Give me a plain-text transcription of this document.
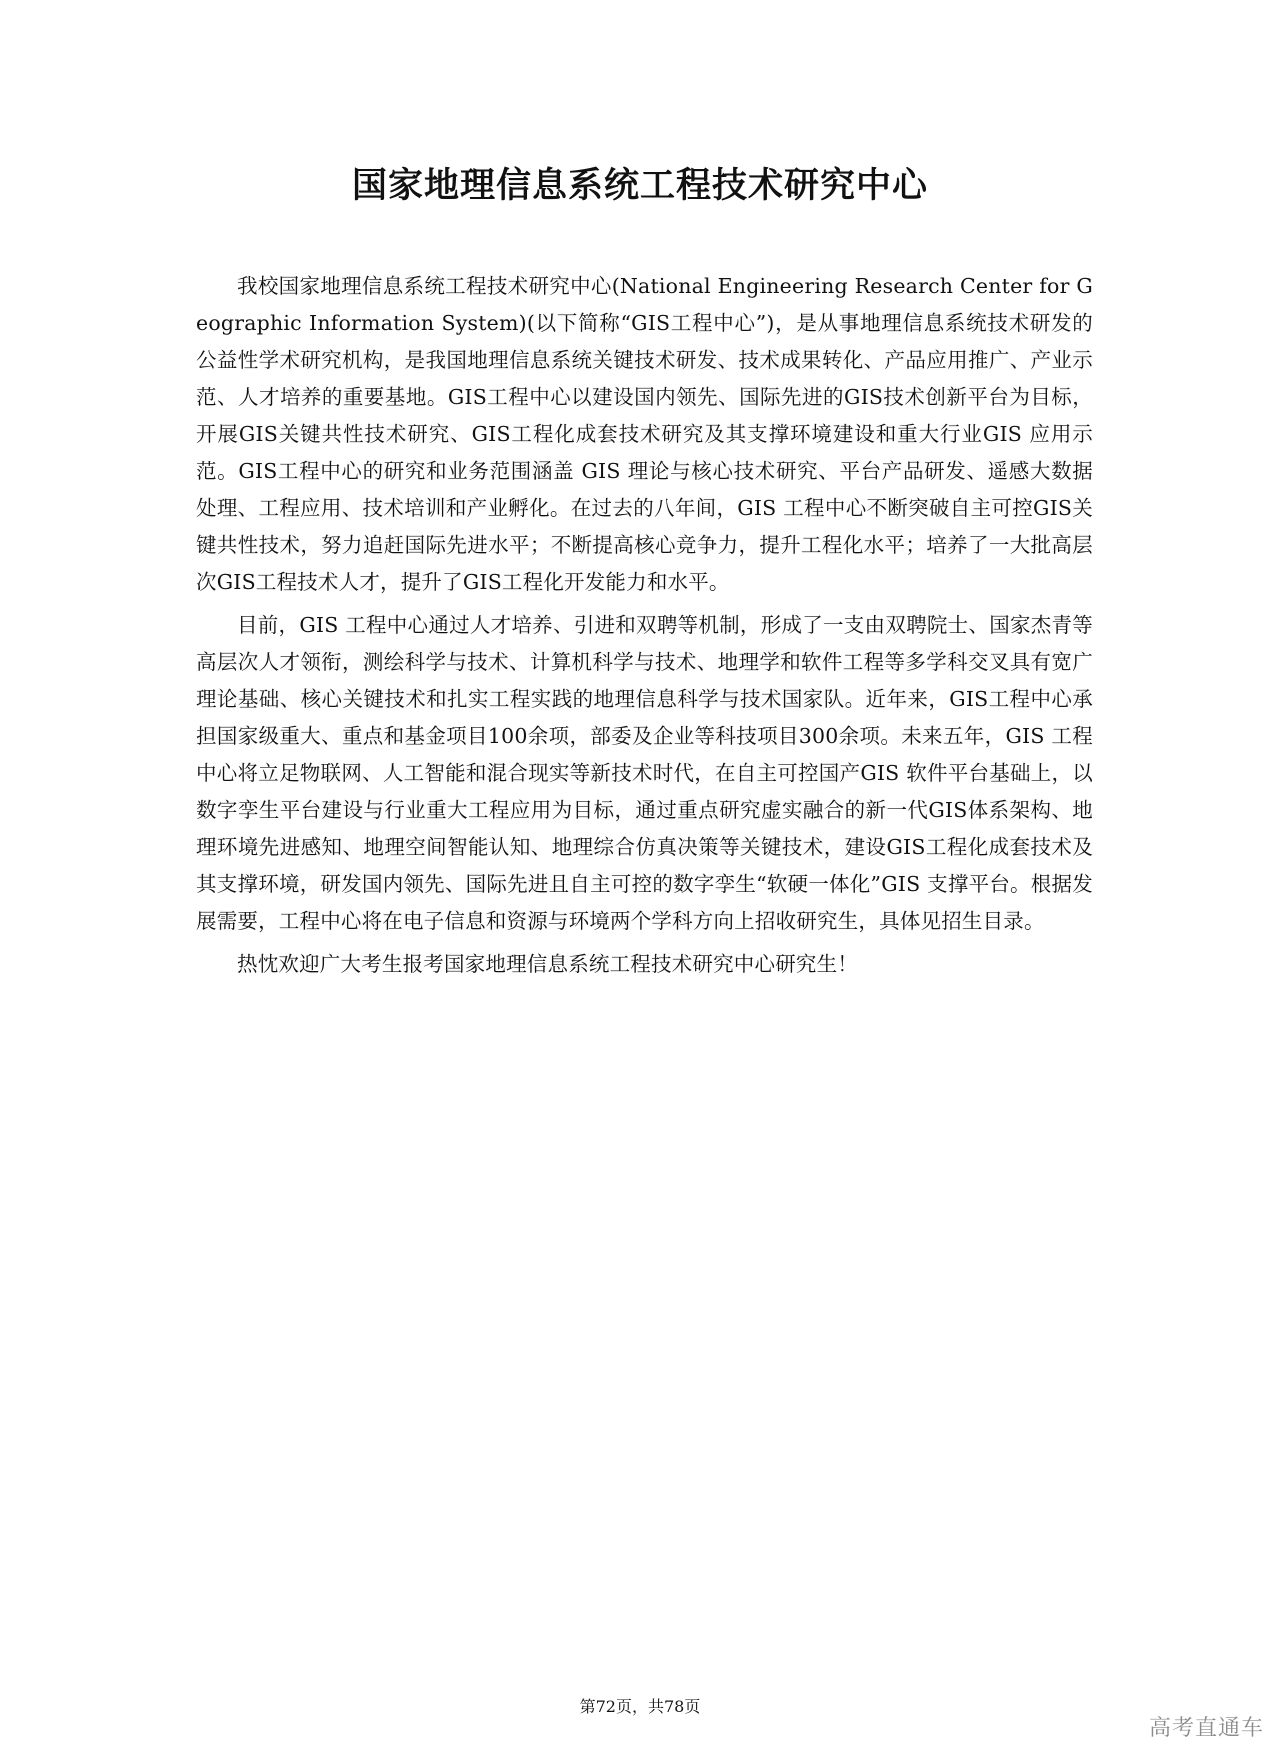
国家地理信息系统工程技术研究中心

我校国家地理信息系统工程技术研究中心(National Engineering Research Center for Geographic Information System)(以下简称“GIS工程中心”)，是从事地理信息系统技术研发的公益性学术研究机构，是我国地理信息系统关键技术研发、技术成果转化、产品应用推广、产业示范、人才培养的重要基地。GIS工程中心以建设国内领先、国际先进的GIS技术创新平台为目标，开展GIS关键共性技术研究、GIS工程化成套技术研究及其支撑环境建设和重大行业GIS 应用示范。GIS工程中心的研究和业务范围涵盖 GIS 理论与核心技术研究、平台产品研发、遥感大数据处理、工程应用、技术培训和产业孵化。在过去的八年间，GIS 工程中心不断突破自主可控GIS关键共性技术，努力追赶国际先进水平；不断提高核心竞争力，提升工程化水平；培养了一大批高层次GIS工程技术人才，提升了GIS工程化开发能力和水平。

目前，GIS 工程中心通过人才培养、引进和双聘等机制，形成了一支由双聘院士、国家杰青等高层次人才领衔，测绘科学与技术、计算机科学与技术、地理学和软件工程等多学科交叉具有宽广理论基础、核心关键技术和扎实工程实践的地理信息科学与技术国家队。近年来，GIS工程中心承担国家级重大、重点和基金项目100余项，部委及企业等科技项目300余项。未来五年，GIS 工程中心将立足物联网、人工智能和混合现实等新技术时代，在自主可控国产GIS 软件平台基础上，以数字孪生平台建设与行业重大工程应用为目标，通过重点研究虚实融合的新一代GIS体系架构、地理环境先进感知、地理空间智能认知、地理综合仿真决策等关键技术，建设GIS工程化成套技术及其支撑环境，研发国内领先、国际先进且自主可控的数字孪生“软硬一体化”GIS 支撑平台。根据发展需要，工程中心将在电子信息和资源与环境两个学科方向上招收研究生，具体见招生目录。

热忱欢迎广大考生报考国家地理信息系统工程技术研究中心研究生！

第72页，共78页
高考直通车
